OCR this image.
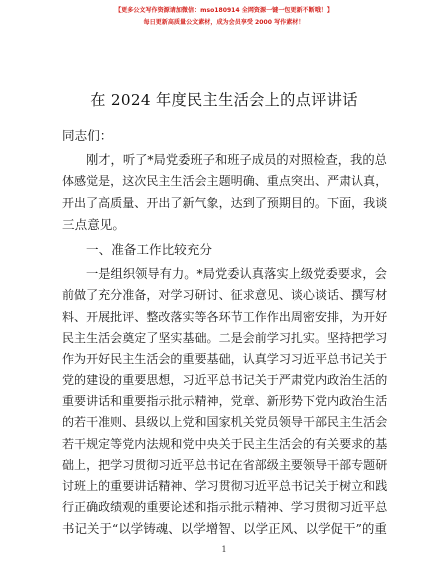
【更多公文写作资源请加微信：mso180914 全网资源一键一包更新不断哦！】
每日更新高质量公文素材，成为会员享受 2000 写作素材！
在 2024 年度民主生活会上的点评讲话
同志们：
刚才，听了*局党委班子和班子成员的对照检查，我的总
体感觉是，这次民主生活会主题明确、重点突出、严肃认真，
开出了高质量、开出了新气象，达到了预期目的。下面，我谈
三点意见。
一、准备工作比较充分
一是组织领导有力。*局党委认真落实上级党委要求，会
前做了充分准备，对学习研讨、征求意见、谈心谈话、撰写材
料、开展批评、整改落实等各环节工作作出周密安排，为开好
民主生活会奠定了坚实基础。二是会前学习扎实。坚持把学习
作为开好民主生活会的重要基础，认真学习习近平总书记关于
党的建设的重要思想，习近平总书记关于严肃党内政治生活的
重要讲话和重要指示批示精神，党章、新形势下党内政治生活
的若干准则、县级以上党和国家机关党员领导干部民主生活会
若干规定等党内法规和党中央关于民主生活会的有关要求的基
础上，把学习贯彻习近平总书记在省部级主要领导干部专题研
讨班上的重要讲话精神、学习贯彻习近平总书记关于树立和践
行正确政绩观的重要论述和指示批示精神、学习贯彻习近平总
书记关于“以学铸魂、以学增智、以学正风、以学促干”的重
1
